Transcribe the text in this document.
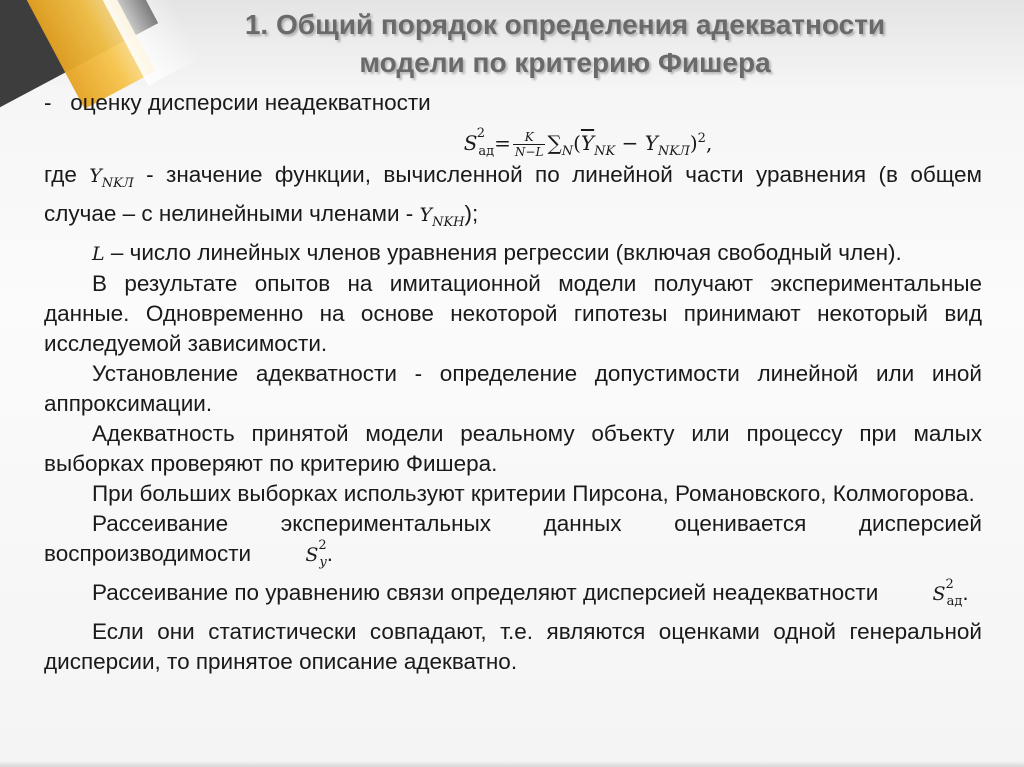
1. Общий порядок определения адекватности
модели по критерию Фишера

-   оценку дисперсии неадекватности

S 2
$_{ад}= \frac{K}{N-L} \sum_N(\overline{Y}_{NK} - Y_{NKЛ})^2$,

где $Y_{NKЛ}$ - значение функции, вычисленной по линейной части уравнения (в общем случае – с нелинейными членами - $Y_{NKН}$);

L – число линейных членов уравнения регрессии (включая свободный член).

В результате опытов на имитационной модели получают экспериментальные данные. Одновременно на основе некоторой гипотезы принимают некоторый вид исследуемой зависимости.

Установление адекватности - определение допустимости линейной или иной аппроксимации.

Адекватность принятой модели реальному объекту или процессу при малых выборках проверяют по критерию Фишера.

При больших выборках используют критерии Пирсона, Романовского, Колмогорова.

Рассеивание экспериментальных данных оценивается дисперсией воспроизводимости	S 2
$_y$.

Рассеивание по уравнению связи определяют дисперсией неадекватности	S 2
$_{ад}$.

Если они статистически совпадают, т.е. являются оценками одной генеральной дисперсии, то принятое описание адекватно.
